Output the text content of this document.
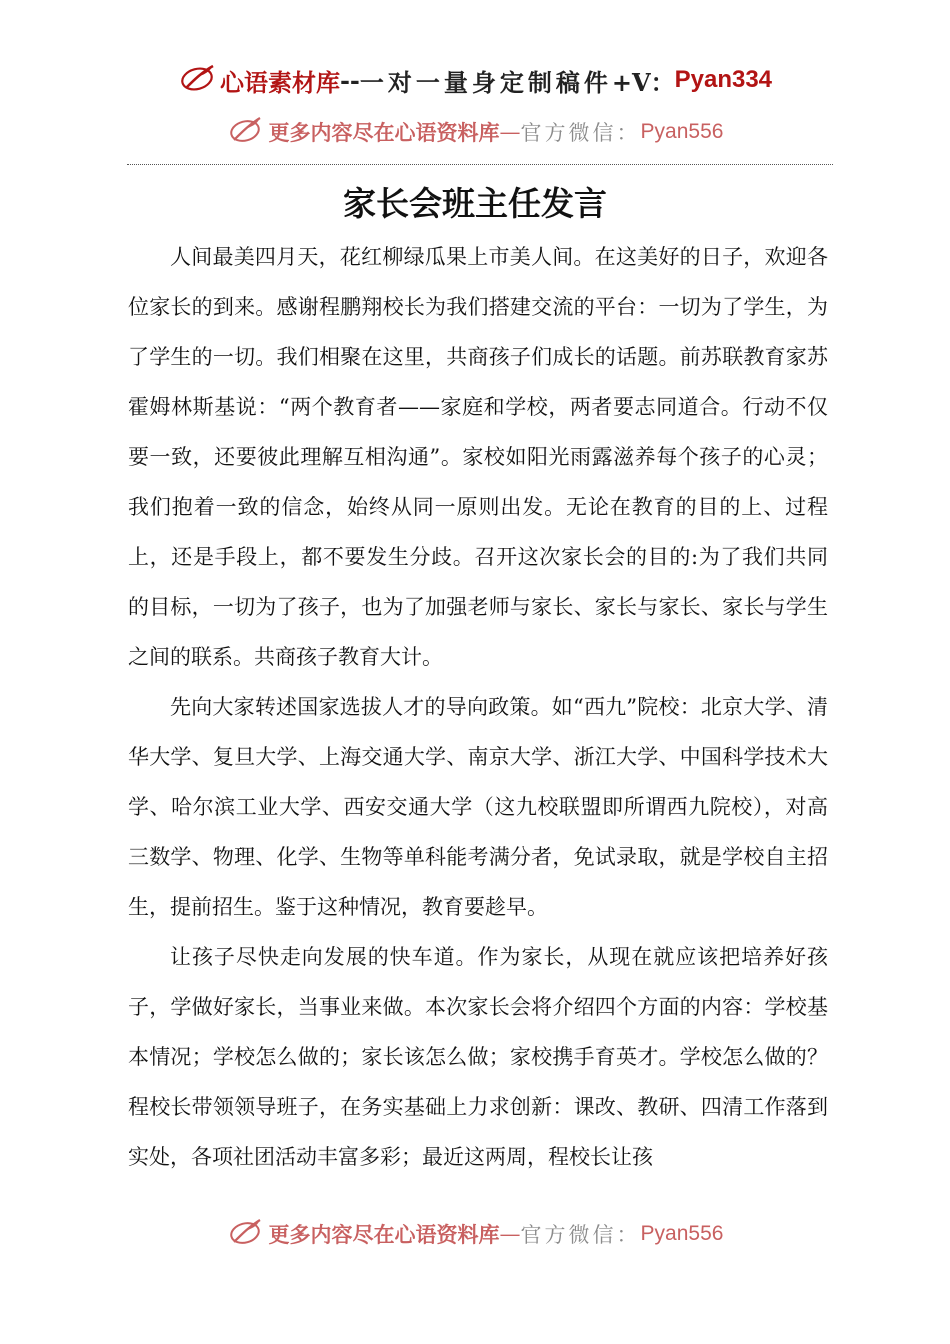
心语素材库 -- 一对一量身定制稿件 +V： Pyan334
更多内容尽在心语资料库 — 官方微信： Pyan556
家长会班主任发言

人间最美四月天，花红柳绿瓜果上市美人间。在这美好的日子，欢迎各位家长的到来。感谢程鹏翔校长为我们搭建交流的平台：一切为了学生，为了学生的一切。我们相聚在这里，共商孩子们成长的话题。前苏联教育家苏霍姆林斯基说：“两个教育者——家庭和学校，两者要志同道合。行动不仅要一致，还要彼此理解互相沟通”。家校如阳光雨露滋养每个孩子的心灵；我们抱着一致的信念，始终从同一原则出发。无论在教育的目的上、过程上，还是手段上，都不要发生分歧。召开这次家长会的目的:为了我们共同的目标，一切为了孩子，也为了加强老师与家长、家长与家长、家长与学生之间的联系。共商孩子教育大计。

先向大家转述国家选拔人才的导向政策。如“西九”院校：北京大学、清华大学、复旦大学、上海交通大学、南京大学、浙江大学、中国科学技术大学、哈尔滨工业大学、西安交通大学（这九校联盟即所谓西九院校），对高三数学、物理、化学、生物等单科能考满分者，免试录取，就是学校自主招生，提前招生。鉴于这种情况，教育要趁早。

让孩子尽快走向发展的快车道。作为家长，从现在就应该把培养好孩子，学做好家长，当事业来做。本次家长会将介绍四个方面的内容：学校基本情况；学校怎么做的；家长该怎么做；家校携手育英才。学校怎么做的？程校长带领领导班子，在务实基础上力求创新：课改、教研、四清工作落到实处，各项社团活动丰富多彩；最近这两周，程校长让孩

更多内容尽在心语资料库 — 官方微信： Pyan556
